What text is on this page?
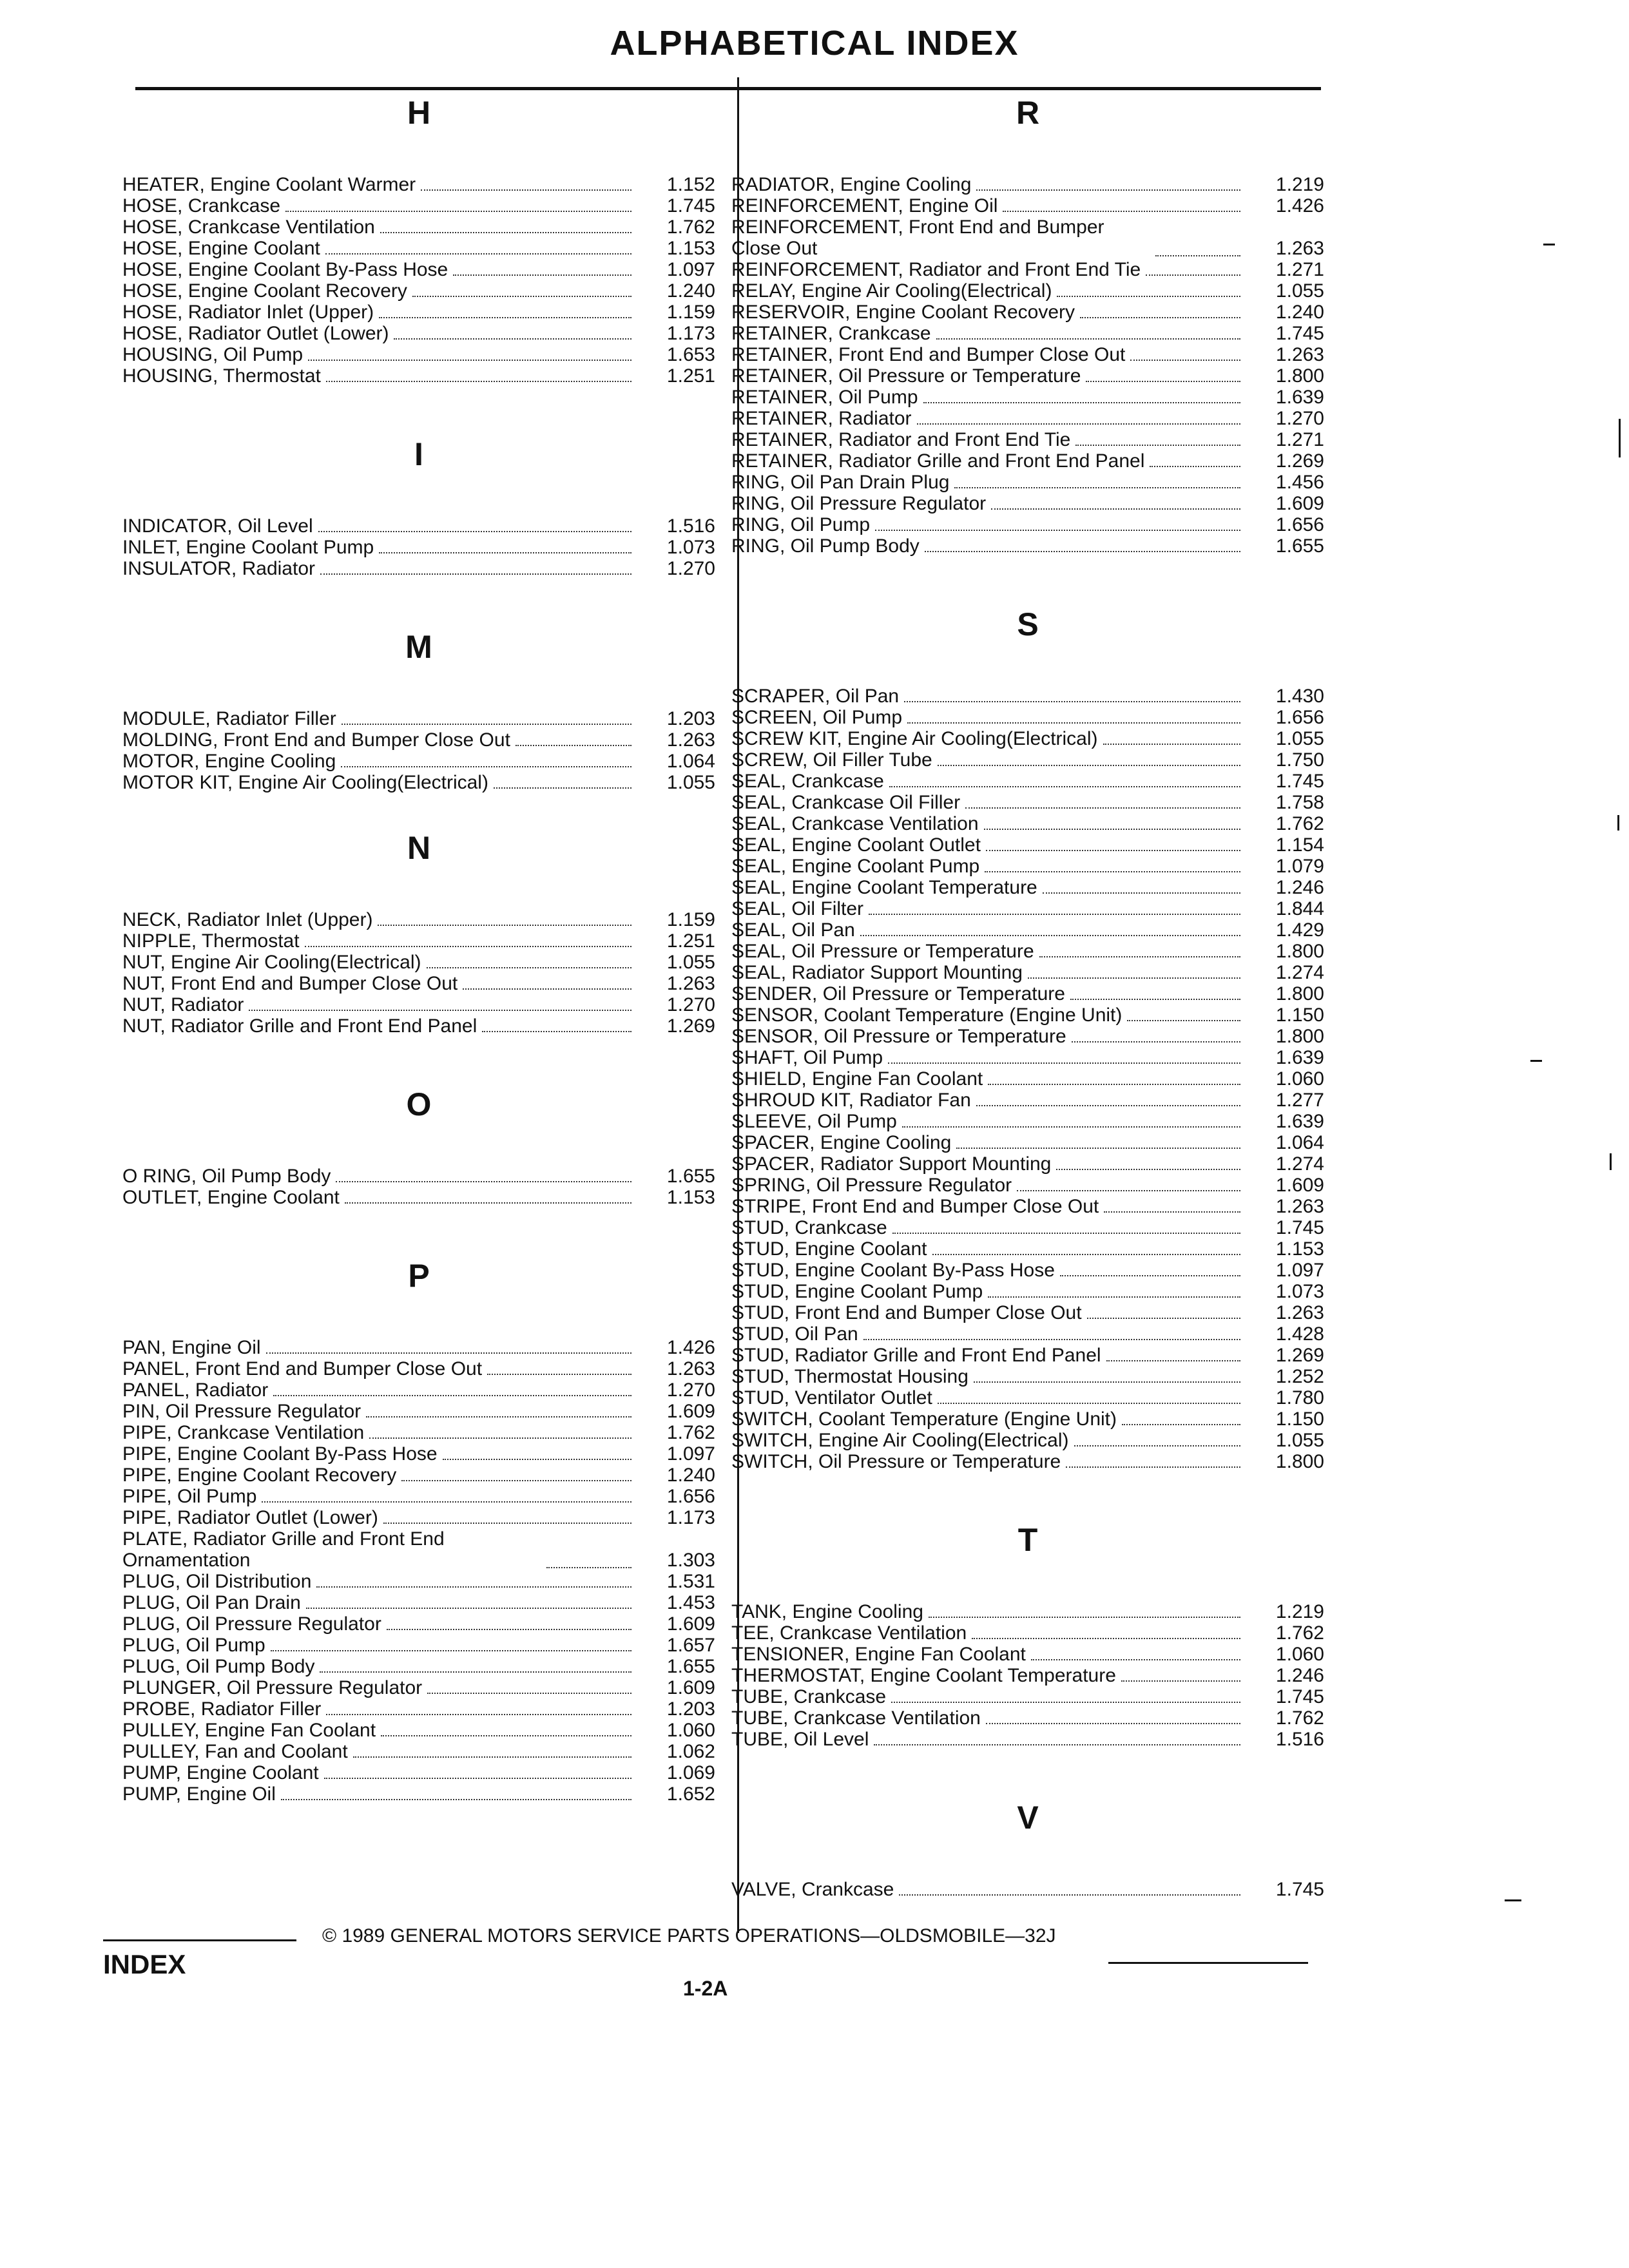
ALPHABETICAL INDEX
H
HEATER, Engine Coolant Warmer	1.152
HOSE, Crankcase	1.745
HOSE, Crankcase Ventilation	1.762
HOSE, Engine Coolant	1.153
HOSE, Engine Coolant By-Pass Hose	1.097
HOSE, Engine Coolant Recovery	1.240
HOSE, Radiator Inlet (Upper)	1.159
HOSE, Radiator Outlet (Lower)	1.173
HOUSING, Oil Pump	1.653
HOUSING, Thermostat	1.251
I
INDICATOR, Oil Level	1.516
INLET, Engine Coolant Pump	1.073
INSULATOR, Radiator	1.270
M
MODULE, Radiator Filler	1.203
MOLDING, Front End and Bumper Close Out	1.263
MOTOR, Engine Cooling	1.064
MOTOR KIT, Engine Air Cooling(Electrical)	1.055
N
NECK, Radiator Inlet (Upper)	1.159
NIPPLE, Thermostat	1.251
NUT, Engine Air Cooling(Electrical)	1.055
NUT, Front End and Bumper Close Out	1.263
NUT, Radiator	1.270
NUT, Radiator Grille and Front End Panel	1.269
O
O RING, Oil Pump Body	1.655
OUTLET, Engine Coolant	1.153
P
PAN, Engine Oil	1.426
PANEL, Front End and Bumper Close Out	1.263
PANEL, Radiator	1.270
PIN, Oil Pressure Regulator	1.609
PIPE, Crankcase Ventilation	1.762
PIPE, Engine Coolant By-Pass Hose	1.097
PIPE, Engine Coolant Recovery	1.240
PIPE, Oil Pump	1.656
PIPE, Radiator Outlet (Lower)	1.173
PLATE, Radiator Grille and Front End Ornamentation	1.303
PLUG, Oil Distribution	1.531
PLUG, Oil Pan Drain	1.453
PLUG, Oil Pressure Regulator	1.609
PLUG, Oil Pump	1.657
PLUG, Oil Pump Body	1.655
PLUNGER, Oil Pressure Regulator	1.609
PROBE, Radiator Filler	1.203
PULLEY, Engine Fan Coolant	1.060
PULLEY, Fan and Coolant	1.062
PUMP, Engine Coolant	1.069
PUMP, Engine Oil	1.652
R
RADIATOR, Engine Cooling	1.219
REINFORCEMENT, Engine Oil	1.426
REINFORCEMENT, Front End and Bumper Close Out	1.263
REINFORCEMENT, Radiator and Front End Tie	1.271
RELAY, Engine Air Cooling(Electrical)	1.055
RESERVOIR, Engine Coolant Recovery	1.240
RETAINER, Crankcase	1.745
RETAINER, Front End and Bumper Close Out	1.263
RETAINER, Oil Pressure or Temperature	1.800
RETAINER, Oil Pump	1.639
RETAINER, Radiator	1.270
RETAINER, Radiator and Front End Tie	1.271
RETAINER, Radiator Grille and Front End Panel	1.269
RING, Oil Pan Drain Plug	1.456
RING, Oil Pressure Regulator	1.609
RING, Oil Pump	1.656
RING, Oil Pump Body	1.655
S
SCRAPER, Oil Pan	1.430
SCREEN, Oil Pump	1.656
SCREW KIT, Engine Air Cooling(Electrical)	1.055
SCREW, Oil Filler Tube	1.750
SEAL, Crankcase	1.745
SEAL, Crankcase Oil Filler	1.758
SEAL, Crankcase Ventilation	1.762
SEAL, Engine Coolant Outlet	1.154
SEAL, Engine Coolant Pump	1.079
SEAL, Engine Coolant Temperature	1.246
SEAL, Oil Filter	1.844
SEAL, Oil Pan	1.429
SEAL, Oil Pressure or Temperature	1.800
SEAL, Radiator Support Mounting	1.274
SENDER, Oil Pressure or Temperature	1.800
SENSOR, Coolant Temperature (Engine Unit)	1.150
SENSOR, Oil Pressure or Temperature	1.800
SHAFT, Oil Pump	1.639
SHIELD, Engine Fan Coolant	1.060
SHROUD KIT, Radiator Fan	1.277
SLEEVE, Oil Pump	1.639
SPACER, Engine Cooling	1.064
SPACER, Radiator Support Mounting	1.274
SPRING, Oil Pressure Regulator	1.609
STRIPE, Front End and Bumper Close Out	1.263
STUD, Crankcase	1.745
STUD, Engine Coolant	1.153
STUD, Engine Coolant By-Pass Hose	1.097
STUD, Engine Coolant Pump	1.073
STUD, Front End and Bumper Close Out	1.263
STUD, Oil Pan	1.428
STUD, Radiator Grille and Front End Panel	1.269
STUD, Thermostat Housing	1.252
STUD, Ventilator Outlet	1.780
SWITCH, Coolant Temperature (Engine Unit)	1.150
SWITCH, Engine Air Cooling(Electrical)	1.055
SWITCH, Oil Pressure or Temperature	1.800
T
TANK, Engine Cooling	1.219
TEE, Crankcase Ventilation	1.762
TENSIONER, Engine Fan Coolant	1.060
THERMOSTAT, Engine Coolant Temperature	1.246
TUBE, Crankcase	1.745
TUBE, Crankcase Ventilation	1.762
TUBE, Oil Level	1.516
V
VALVE, Crankcase	1.745
© 1989 GENERAL MOTORS SERVICE PARTS OPERATIONS—OLDSMOBILE—32J
INDEX
1-2A
